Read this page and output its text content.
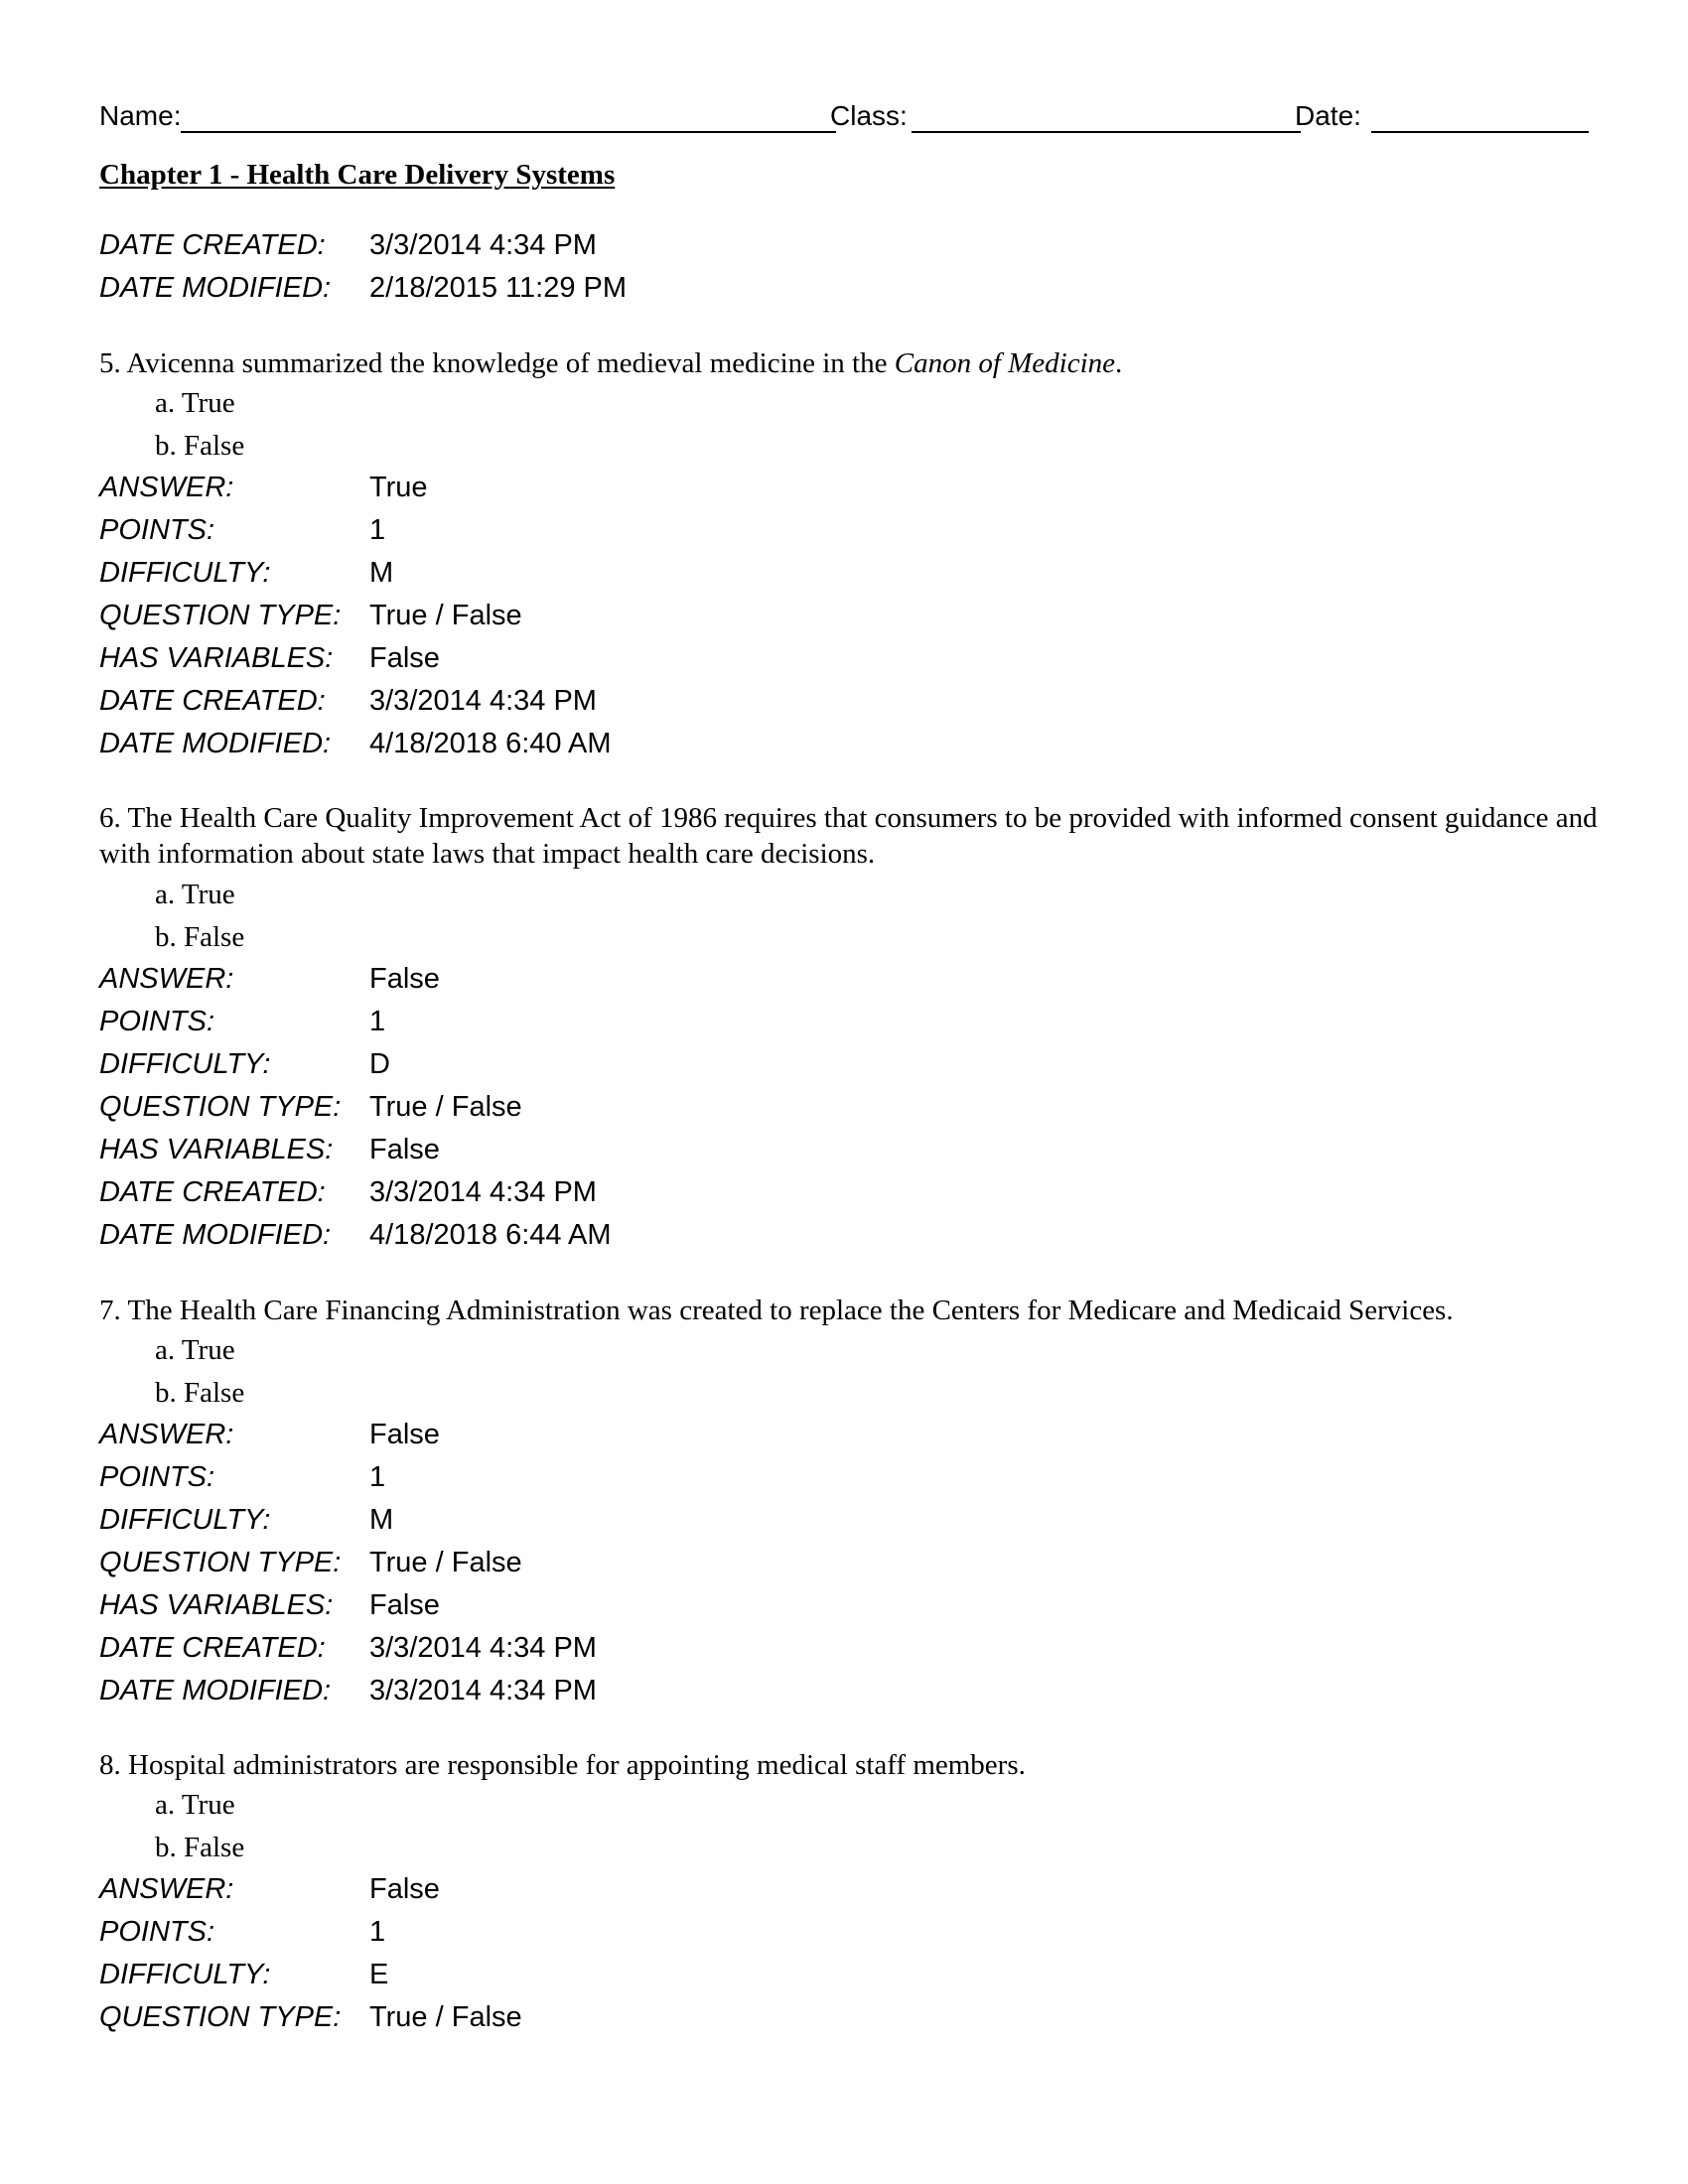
Name:	Class:	Date:
Chapter 1 - Health Care Delivery Systems
DATE CREATED: 3/3/2014 4:34 PM
DATE MODIFIED: 2/18/2015 11:29 PM
5. Avicenna summarized the knowledge of medieval medicine in the Canon of Medicine.
a. True
b. False
ANSWER:	True
POINTS:	1
DIFFICULTY:	M
QUESTION TYPE: True / False
HAS VARIABLES: False
DATE CREATED: 3/3/2014 4:34 PM
DATE MODIFIED: 4/18/2018 6:40 AM
6. The Health Care Quality Improvement Act of 1986 requires that consumers to be provided with informed consent guidance and with information about state laws that impact health care decisions.
a. True
b. False
ANSWER:	False
POINTS:	1
DIFFICULTY:	D
QUESTION TYPE: True / False
HAS VARIABLES: False
DATE CREATED: 3/3/2014 4:34 PM
DATE MODIFIED: 4/18/2018 6:44 AM
7. The Health Care Financing Administration was created to replace the Centers for Medicare and Medicaid Services.
a. True
b. False
ANSWER:	False
POINTS:	1
DIFFICULTY:	M
QUESTION TYPE: True / False
HAS VARIABLES: False
DATE CREATED: 3/3/2014 4:34 PM
DATE MODIFIED: 3/3/2014 4:34 PM
8. Hospital administrators are responsible for appointing medical staff members.
a. True
b. False
ANSWER:	False
POINTS:	1
DIFFICULTY:	E
QUESTION TYPE: True / False
